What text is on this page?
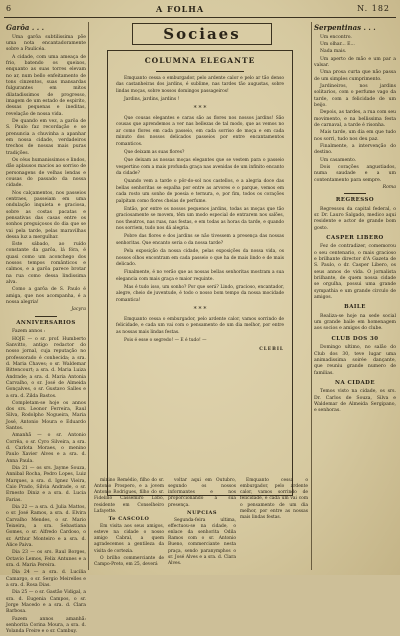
6	A FOLHA	N. 182

Garôa . . .

Uma garôa subtilissima põe uma nota encantadoramente sobre a Paulicéa.

A cidade, com uma ameaça de frio, batendo os queixos, enquanto as suas torres elevam no ar, num bello enfeitamento de tons cinzentos, suas mansardas fulgurantes em mitos dilatadissimos de progresso, imagem de um estado de espirito, dessas pequenas e ineditas, revelação de nossa vida.

De quando em vez, a garôa de S. Paulo faz recordação e se prenuncia a chuvinha a apanhar em nossa cidade, verdadeiros trechos de nossas mais puras tradições.

Os céus humanissimos e lindos, dão aplausos macios ao sorriso de personagens de velhas lendas e cousas do passado da nossa cidade.

Nos calçamentos, nos passeios centraes, passeiam em uma ondulação inquieta e graciosa, sobre as costas pacatas e pensativas das casas entre os sonhos preguiçosos do dia que se vai pela tarde, pelas maravilhas dessa luz a mergulhar.

Este sábado, ao ruído constante da garôa, lá fóra, é quasi como um aconchego dos nossos tempos românticos e calmos, e a garôa parece brotar na rua como dessa lindissima alva.

Como a garôa de S. Paulo é amiga, que nos acompanha, é a nossa alegria!

Jacyra

ANNIVERSARIOS

Fazem annos :

HOJE — o sr. prof. Humberto Sanvitto, antigo redactor do nosso jornal, cuja reputação no professorado é conhecida; a sra. d. Maria Chaves; o sr. Waldemar Bittencourt; a sra. d. Maria Luiza Andrade; a sra. d. Maria Antonia Carvalho, o sr. José de Almeida Gonçalves, o sr. Gustavo Salles e a sra. d. Zilda Bastos.

Completam-se hoje os annos dos srs. Leonor Ferreira, Raul Silva, Rodolpho Nogueira, Maria José, Antonio Moura e Eduardo Santos.

Amanhã — o sr. Antonio Corrêa, o sr. Cyro Silveira, a sra. d. Carlota Moraes, o menino Paulo Xavier Alves e a sra. d. Anna Paula.

Dia 21 — os srs. Jayme Souza, Annibal Rocha, Pedro Lopes, Luiz Marques, a sra. d. Ignez Vieira, Caio Prado, Silvia Andrade, o sr. Ernesto Diniz e a sra. d. Lucia Farias.

Dia 22 — a sra. d. Julia Mattos, o sr. José Ramos, a sra. d. Elvira Carvalho Mendes, o sr. Mario Teixeira, a sra. Sebastiana Gomes, o sr. Alfredo Cardoso, o sr. Arthur Monteiro e a sra. d. Alice Paiva.

Dia 23 — os srs. Raul Borges, Octavio Lemos, Felix Antunes e a sra. d. Maria Pereira.

Dia 24 — a sra. d. Lucilia Camargo, o sr. Sergio Meirelles e a sra. d. Rosa Dias.

Dia 25 — o sr. Gastão Vidigal, a sra. d. Eugenia Campos, o sr. Jorge Macedo e a sra. d. Clara Barbosa.

Fazem annos amanhã: senhorita Corina Moura, a sra. d. Yolanda Freire e o sr. Cambuy.

Sociaes
COLUMNA ELEGANTE

Emquanto cessa o emburgador, pelo ardente calor e pelo ar tão denso das castanheiras dos jardins, é sublime, nas tardes tão augustas, sobre lindas moças, sobre nossos domingos passageiros!

Jardins, jardins, jardins !

* * *

Que cousas elegantes e caras são as flores nos nossos jardins! São cousas que aprendemos a ver nas bellezas de tal modo, que as vemos no ar como flores em cada passeio, em cada sorriso de moça e em cada minuto dos nossos delicados passeios por entre encantamentos romanticos.

Que deixam as suas flores?

Que deixam as nossas moças elegantes que se vestem para o passeio vespertino com a mais profunda graça nas avenidas de um infinito encanto da cidade?

Quando vem a tarde o pôr-do-sol nos castellos, e a alegria doce das bellas senhoritas se espalha por entre as arvores e o parque, vemos em cada rosto um sonho de poesia e ternura, e, por fim, todos os corações palpitam como flores cheias de perfume.

Então, por entre os nossos pequenos jardins, todas as moças que tão graciosamente se movem, têm um modo especial de entrarem nos salões, nos theatros, nas ruas, nas festas, e em todas as horas da tarde, e quando nos sorriem, tudo nos dá alegria.

Pobre das flores e dos jardins se não tivessem a presença das nossas senhoritas. Que encanto seria o da nossa tarde?

Pela exposição da nossa cidade, pelas exposições da nossa vida, os nossos olhos encontram em cada passeio o que ha de mais lindo e de mais delicado.

Finalmente, é no verão que as nossas bellas senhoritas mostram a sua elegancia com mais graça e maior requinte.

Mas é tudo isso, um sonho? Por que será? Lindo, gracioso, encantador, alegre, cheio de juventude, é todo o nosso bom tempo da nossa mocidade romantica!

* * *

Emquanto cessa o emburgador, pelo ardente calor, vamos sorrindo de felicidade, e cada um vai com o pensamento de um dia melhor, por entre as nossas mais lindas festas.

Pois é esse o segredo! — E é tudo! —

CLEBIL

minino Remédio, filho do sr. Antonio Prospero, e a jovem Antonio Rodrigues, filho do sr. Fidelino Cassemiro Lobo, residente em Conselheiro Lafayette.

Te CASCOLO

Em visita aos seus amigos, esteve na cidade o nosso amigo Cabral, a quem agradecemos a gentileza da visita de cortezia.

O brilho commerciante de Campo-Preto, em 25, deverá

voltar aqui em Outubro, segundo os nossos informantes e nos proporcionando a sua presença.

NUPCIAS

Segunda-feira ultima, effectuou-se na cidade, o enlace da senhorita Odila Ramos com o sr. Antonio Bueno, commerciante nesta praça, sendo paranymphos o sr. José Alves e a sra. d. Clara Alves.

Emquanto cessa o emburgador, pelo ardente calor, vamos sorrindo de felicidade, e cada um vai com o pensamento de um dia melhor, por entre as nossas mais lindas festas.

Serpentinas . . .

Um encontro.

Um olhar... E...

Nada mais.

Um aperto de mão e um par a valsar.

Uma prosa curta que não passa de um simples cumprimento.

Jardineiros, nos jardins solitarios, com o perfume vago da tarde, com a felicidade de um beijo.

Depois, as tardes, a rua com seu movimento, e na bellissima festa de carnaval, a tarde é risonha.

Mais tarde, um dia em que tudo nos sorri, tudo nos deu paz.

Finalmente, a intervenção do destino.

Um casamento.

Dois corações angustiados, numa saudade e a um contentamento para sempre.

Roma

REGRESSO

Regressou da capital federal, o sr. Dr. Lauro Salgado, medico aqui residente e actor de grande bom gosto.

CASPER LIBERO

Fez de contradizer, comemorou o seu centenario, o mais gracioso e brilhante director d'A Gazeta de S. Paulo, o dr. Casper Libero, os seus annos de vida. O jornalista brilhante, de quem nossa cidade se orgulha, possui uma grande sympathia e um grande circulo de amigos.

BAILE

Realiza-se hoje na sede social um grande baile em homenagem aos socios e amigos do clube.

CLUB DOS 30

Domingo ultimo, no salão do Club dos 30, teve lugar uma animadissima soirée dançante, que reuniu grande numero de familias.

NA CIDADE

Temos visto na cidade, os srs. Dr. Carlos de Souza, Silva e Waldemar de Almeida Sergipano, e senhoras.
